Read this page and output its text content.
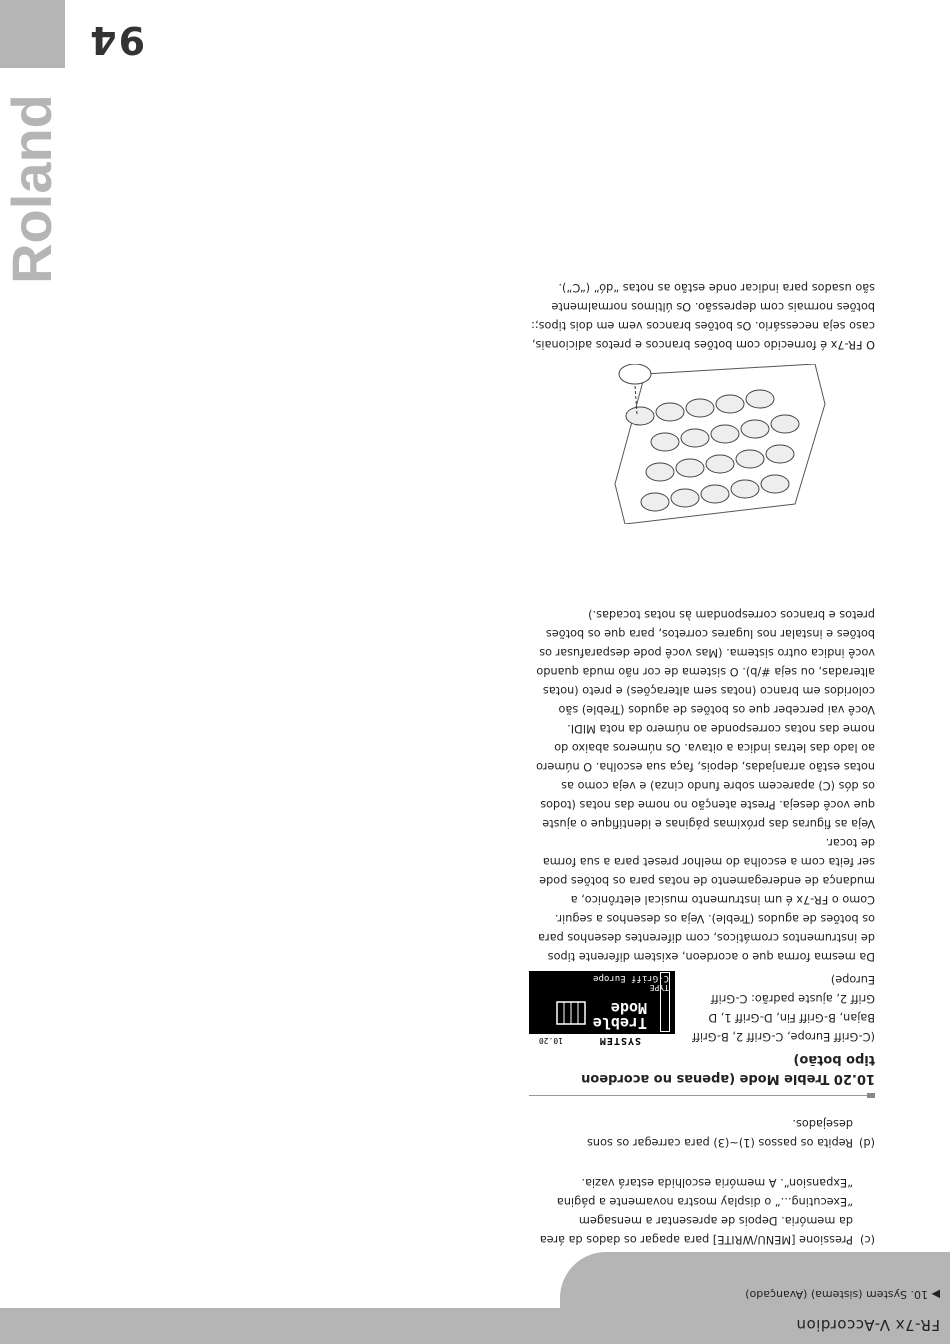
FR-7x V-Accordion
▶ 10. System (sistema) (Avançado)
(c)
Pressione [MENU/WRITE] para apagar os dados da área da memória. Depois de apresentar a mensagem “Executing...” o display mostra novamente a página “Expansion”. A memória escolhida estará vazia.
(d)
Repita os passos (1)~(3) para carregar os sons desejados.
10.20 Treble Mode (apenas no acordeon tipo botão)
(C-Griff Europe, C-Griff 2, B-Griff Bajan, B-Griff Fin, D-Griff 1, D Griff 2, ajuste padrão: C-Griff Europe)
SYSTEM
10.20
Treble
Mode
TYPE
C-Griff Europe

Da mesma forma que o acordeon, existem diferente tipos de instrumentos cromáticos, com diferentes desenhos para os botões de agudos (Treble). Veja os desenhos a seguir.

Como o FR-7x é um instrumento musical eletrônico, a mudança de enderegamento de notas para os botões pode ser feita com a escolha do melhor preset para a sua forma de tocar.

Veja as figuras das próximas páginas e identifique o ajuste que você deseja. Preste atenção no nome das notas (todos os dós (C) aparecem sobre fundo cinza) e veja como as notas estão arranjadas, depois, faça sua escolha. O número ao lado das letras indica a oitava. Os números abaixo do nome das notas corresponde ao número da nota MIDI.

Você vai perceber que os botões de agudos (Treble) são coloridos em branco (notas sem alterações) e preto (notas alteradas, ou seja #/b). O sistema de cor não muda quando você indica outro sistema. (Mas você pode desparafusar os botões e instalar nos lugares corretos, para que os botões pretos e brancos correspondam às notas tocadas.)

O FR-7x é fornecido com botões brancos e pretos adicionais, caso seja necessário. Os botões brancos vem em dois tipos;: botões normais com depressão. Os últimos normalmente são usados para indicar onde estão as notas “dó” (“C”).
94
Roland
